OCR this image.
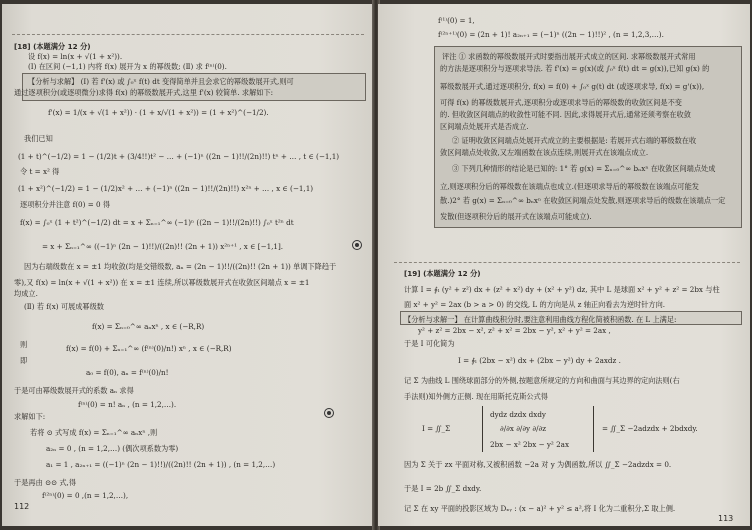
[18] (本题满分 12 分)
设 f(x) = ln(x + √(1 + x²)).
(Ⅰ) 在区间 (−1,1) 内将 f(x) 展开为 x 的幂级数; (Ⅱ) 求 f⁽ⁿ⁾(0).
【分析与求解】 (Ⅰ) 若 f'(x) 或 ∫₀ˣ f(t) dt 变得简单并且会求它的幂级数展开式,则可
通过逐项积分(或逐项微分)求得 f(x) 的幂级数展开式,这里 f'(x) 较简单. 求解如下:
f'(x) = 1/(x + √(1 + x²)) · (1 + x/√(1 + x²)) = (1 + x²)^(−1/2).
我们已知
(1 + t)^(−1/2) = 1 − (1/2)t + (3/4!!)t² − … + (−1)ⁿ ((2n − 1)!!/(2n)!!) tⁿ + … , t ∈ (−1,1)
令 t = x² 得
(1 + x²)^(−1/2) = 1 − (1/2)x² + … + (−1)ⁿ ((2n − 1)!!/(2n)!!) x²ⁿ + … , x ∈ (−1,1)
逐项积分并注意 f(0) = 0 得
f(x) = ∫₀ˣ (1 + t²)^(−1/2) dt = x + Σₙ₌₁^∞ (−1)ⁿ ((2n − 1)!!/(2n)!!) ∫₀ˣ t²ⁿ dt
= x + Σₙ₌₁^∞ ((−1)ⁿ (2n − 1)!!)/((2n)!! (2n + 1)) x²ⁿ⁺¹ , x ∈ [−1,1].
因为右端级数在 x = ±1 均收敛(均是交错级数, aₙ = (2n − 1)!!/((2n)!! (2n + 1)) 单调下降趋于
零),又 f(x) = ln(x + √(1 + x²)) 在 x = ±1 连续,所以幂级数展开式在收敛区间端点 x = ±1
均成立.
(Ⅱ) 若 f(x) 可展成幂级数
f(x) = Σₙ₌₀^∞ aₙxⁿ , x ∈ (−R,R)
则	f(x) = f(0) + Σₙ₌₁^∞ (f⁽ⁿ⁾(0)/n!) xⁿ , x ∈ (−R,R)
即
a₀ = f(0), aₙ = f⁽ⁿ⁾(0)/n!
于是可由幂级数展开式的系数 aₙ 求得
f⁽ⁿ⁾(0) = n! aₙ , (n = 1,2,…).
求解如下:
若将 ⊙ 式写成 f(x) = Σₙ₌₁^∞ aₙxⁿ ,则
a₂ₙ = 0 , (n = 1,2,…) (偶次项系数为零)
a₁ = 1 , a₂ₙ₊₁ = ((−1)ⁿ (2n − 1)!!)/((2n)!! (2n + 1)) , (n = 1,2,…)
于是再由 ⊙⊙ 式,得
f⁽²ⁿ⁾(0) = 0 ,(n = 1,2,…),
112
f⁽¹⁾(0) = 1,
f⁽²ⁿ⁺¹⁾(0) = (2n + 1)! a₂ₙ₊₁ = (−1)ⁿ ((2n − 1)!!)² , (n = 1,2,3,…).
评注 ① 求函数的幂级数展开式时要指出展开式成立的区间. 求幂级数展开式常用
的方法是逐项积分与逐项求导法. 若 f'(x) = g(x)(或 ∫₀ˣ f(t) dt = g(x)),已知 g(x) 的
幂级数展开式,通过逐项积分, f(x) = f(0) + ∫₀ˣ g(t) dt (或逐项求导, f(x) = g'(x)),
可得 f(x) 的幂级数展开式,逐项积分或逐项求导后的幂级数的收敛区间是不变
的. 但收敛区间端点的收敛性可能不同. 因此,求得展开式后,通常还须考察在收敛
区间端点处展开式是否成立.
② 证明收敛区间端点处展开式成立的主要根据是: 若展开式右端的幂级数在收
敛区间端点处收敛,又左端函数在该点连续,则展开式在该端点成立.
③ 下列几种情形的结论是已知的: 1° 若 g(x) = Σₙ₌₀^∞ bₙxⁿ 在收敛区间端点处成
立,则逐项积分后的幂级数在该端点也成立.(但逐项求导后的幂级数在该端点可能发
散.)2° 若 g(x) = Σₙ₌₀^∞ bₙxⁿ 在收敛区间端点处发散,则逐项求导后的级数在该端点一定
发散(但逐项积分后的展开式在该端点可能成立).
[19] (本题满分 12 分)
计算 I = ∮ₗ (y² + z²) dx + (z² + x²) dy + (x² + y²) dz, 其中 L 是球面 x² + y² + z² = 2bx 与柱
面 x² + y² = 2ax (b > a > 0) 的交线, L 的方向是从 z 轴正向看去为逆时针方向.
【分析与求解一】 在计算曲线积分时,要注意利用曲线方程化简被积函数. 在 L 上满足:
y² + z² = 2bx − x², z² + x² = 2bx − y², x² + y² = 2ax ,
于是 I 可化简为
I = ∮ₗ (2bx − x²) dx + (2bx − y²) dy + 2axdz .
记 Σ 为曲线 L 围绕球面部分的外侧,按题意所规定的方向和曲面与其边界的定向法则(右
手法则)知外侧方正侧. 现在用斯托克斯公式得
dydz dzdx dxdy
I = ∬_Σ	∂/∂x ∂/∂y ∂/∂z	= ∬_Σ −2adzdx + 2bdxdy.
2bx − x² 2bx − y² 2ax
因为 Σ 关于 zx 平面对称,又被积函数 −2a 对 y 为偶函数,所以 ∬_Σ −2adzdx = 0.
于是 I = 2b ∬_Σ dxdy.
记 Σ 在 xy 平面的投影区域为 Dₓᵧ : (x − a)² + y² ≤ a²,将 I 化为二重积分,Σ 取上侧.
113
